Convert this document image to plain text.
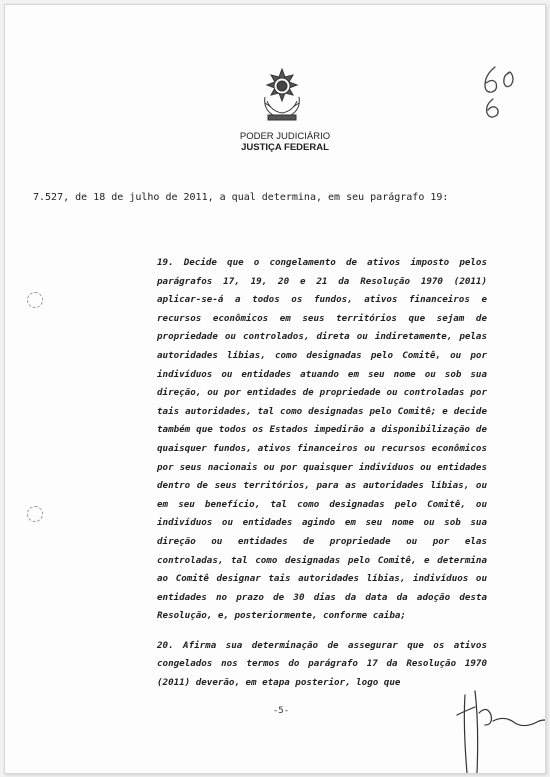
PODER JUDICIÁRIO
JUSTIÇA FEDERAL
7.527, de 18 de julho de 2011, a qual determina, em seu parágrafo 19:

19. Decide que o congelamento de ativos imposto pelos parágrafos 17, 19, 20 e 21 da Resolução 1970 (2011) aplicar-se-á a todos os fundos, ativos financeiros e recursos econômicos em seus territórios que sejam de propriedade ou controlados, direta ou indiretamente, pelas autoridades líbias, como designadas pelo Comitê, ou por indivíduos ou entidades atuando em seu nome ou sob sua direção, ou por entidades de propriedade ou controladas por tais autoridades, tal como designadas pelo Comitê; e decide também que todos os Estados impedirão a disponibilização de quaisquer fundos, ativos financeiros ou recursos econômicos por seus nacionais ou por quaisquer indivíduos ou entidades dentro de seus territórios, para as autoridades líbias, ou em seu benefício, tal como designadas pelo Comitê, ou indivíduos ou entidades agindo em seu nome ou sob sua direção ou entidades de propriedade ou por elas controladas, tal como designadas pelo Comitê, e determina ao Comitê designar tais autoridades líbias, indivíduos ou entidades no prazo de 30 dias da data da adoção desta Resolução, e, posteriormente, conforme caiba;

20. Afirma sua determinação de assegurar que os ativos congelados nos termos do parágrafo 17 da Resolução 1970 (2011) deverão, em etapa posterior, logo que

-5-
